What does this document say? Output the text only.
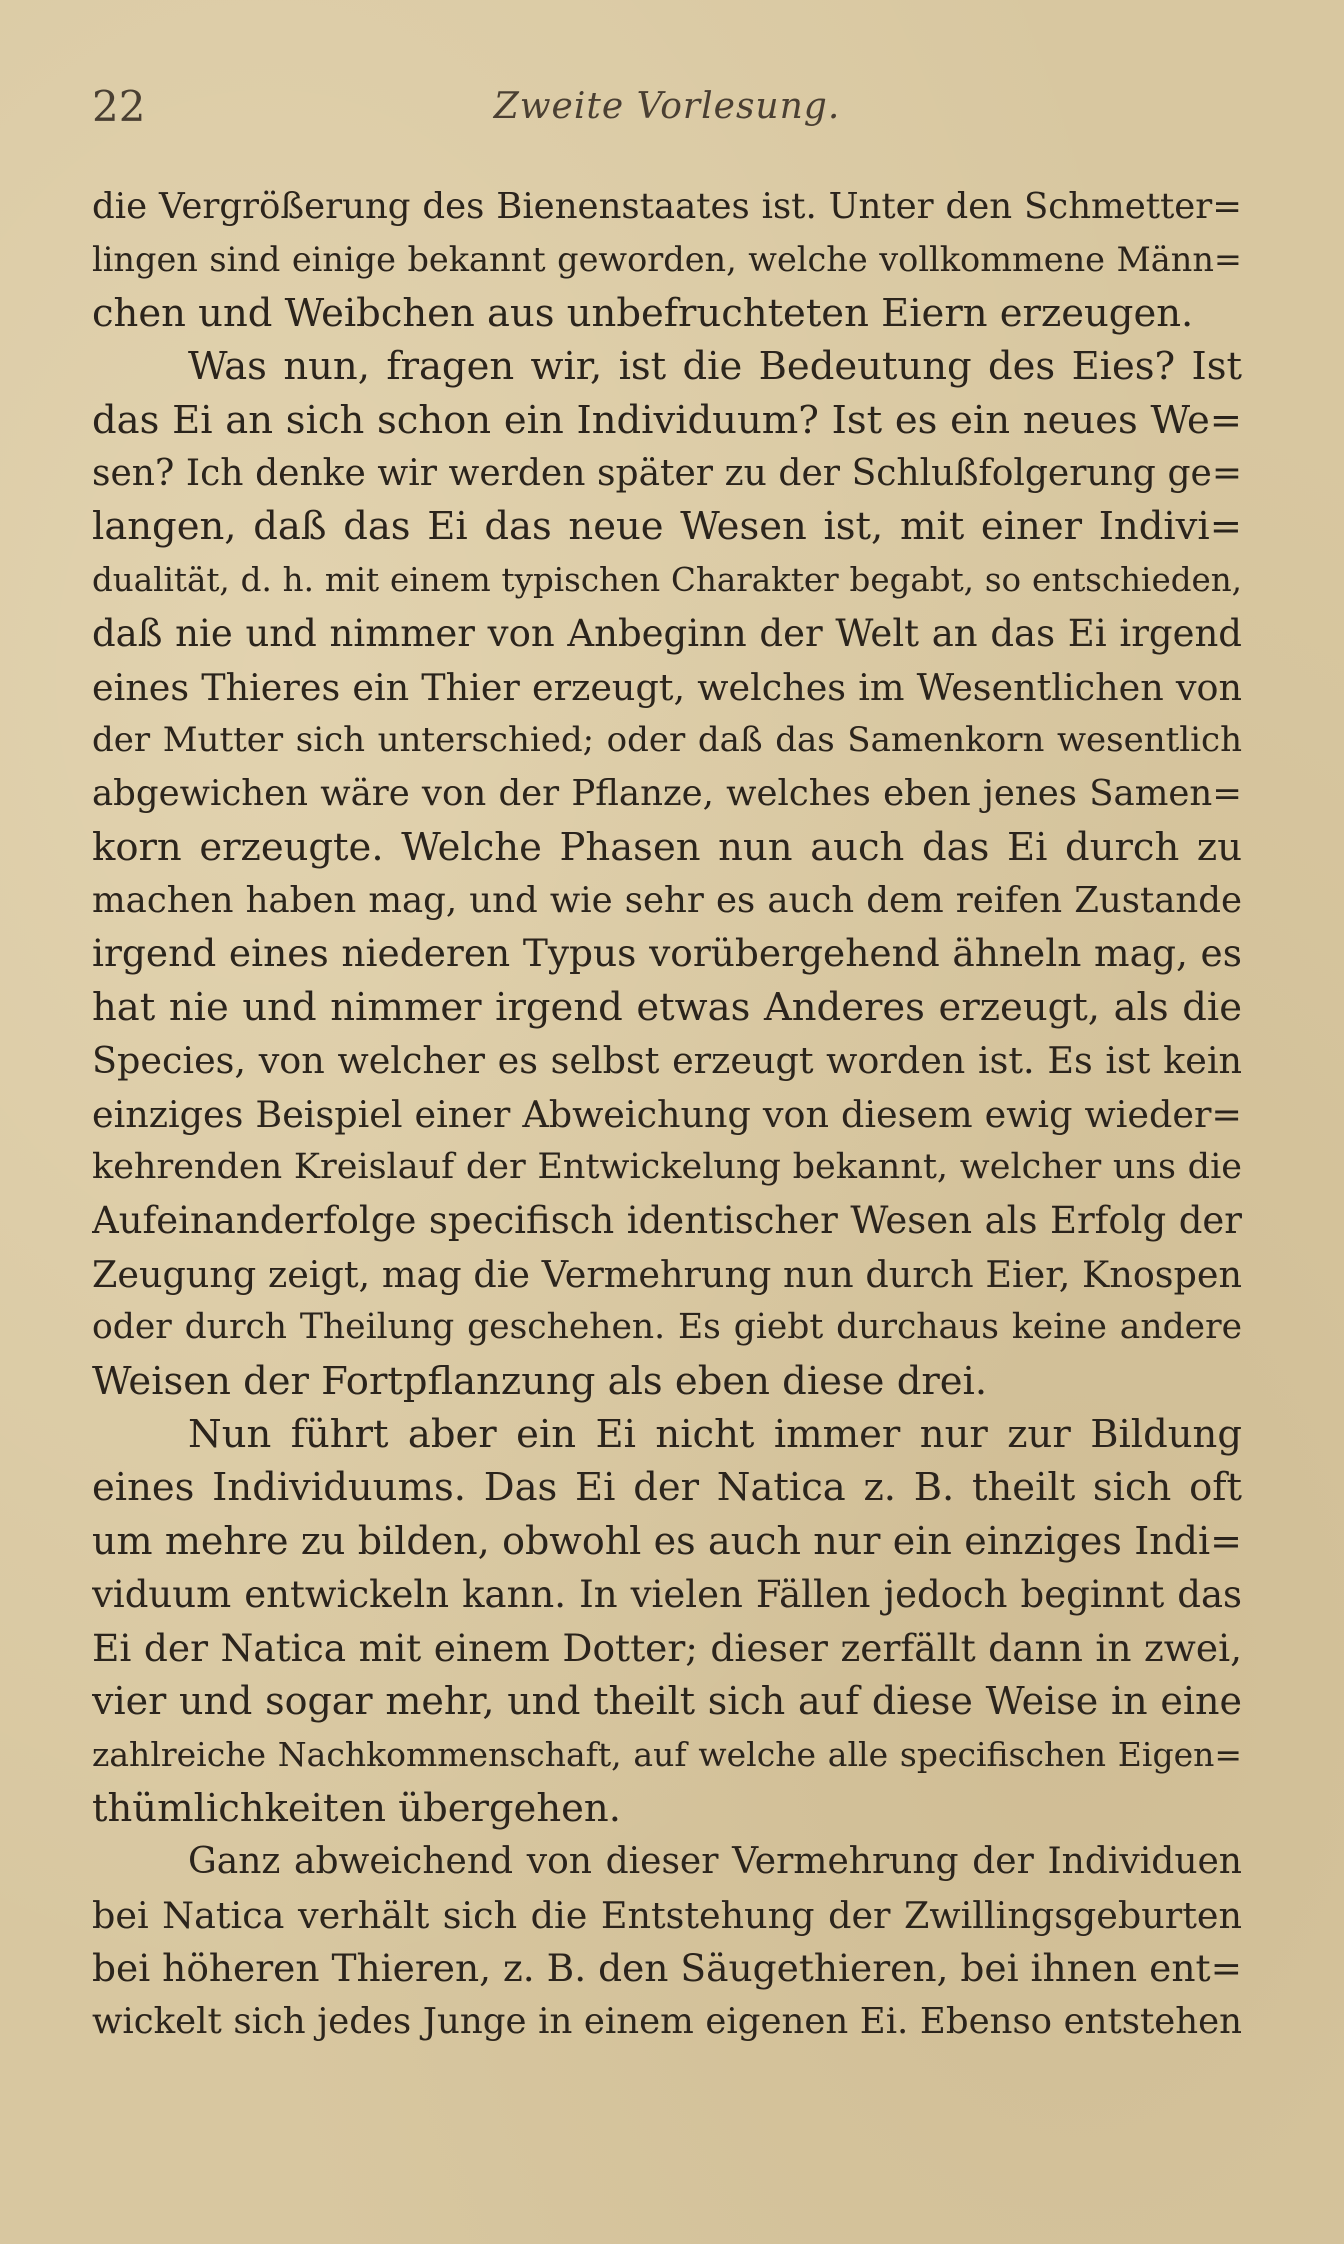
22	Zweite Vorlesung.
die Vergrößerung des Bienenstaates ist. Unter den Schmetter=
lingen sind einige bekannt geworden, welche vollkommene Männ=
chen und Weibchen aus unbefruchteten Eiern erzeugen.
Was nun, fragen wir, ist die Bedeutung des Eies? Ist
das Ei an sich schon ein Individuum? Ist es ein neues We=
sen? Ich denke wir werden später zu der Schlußfolgerung ge=
langen, daß das Ei das neue Wesen ist, mit einer Indivi=
dualität, d. h. mit einem typischen Charakter begabt, so entschieden,
daß nie und nimmer von Anbeginn der Welt an das Ei irgend
eines Thieres ein Thier erzeugt, welches im Wesentlichen von
der Mutter sich unterschied; oder daß das Samenkorn wesentlich
abgewichen wäre von der Pflanze, welches eben jenes Samen=
korn erzeugte. Welche Phasen nun auch das Ei durch zu
machen haben mag, und wie sehr es auch dem reifen Zustande
irgend eines niederen Typus vorübergehend ähneln mag, es
hat nie und nimmer irgend etwas Anderes erzeugt, als die
Species, von welcher es selbst erzeugt worden ist. Es ist kein
einziges Beispiel einer Abweichung von diesem ewig wieder=
kehrenden Kreislauf der Entwickelung bekannt, welcher uns die
Aufeinanderfolge specifisch identischer Wesen als Erfolg der
Zeugung zeigt, mag die Vermehrung nun durch Eier, Knospen
oder durch Theilung geschehen. Es giebt durchaus keine andere
Weisen der Fortpflanzung als eben diese drei.
Nun führt aber ein Ei nicht immer nur zur Bildung
eines Individuums. Das Ei der Natica z. B. theilt sich oft
um mehre zu bilden, obwohl es auch nur ein einziges Indi=
viduum entwickeln kann. In vielen Fällen jedoch beginnt das
Ei der Natica mit einem Dotter; dieser zerfällt dann in zwei,
vier und sogar mehr, und theilt sich auf diese Weise in eine
zahlreiche Nachkommenschaft, auf welche alle specifischen Eigen=
thümlichkeiten übergehen.
Ganz abweichend von dieser Vermehrung der Individuen
bei Natica verhält sich die Entstehung der Zwillingsgeburten
bei höheren Thieren, z. B. den Säugethieren, bei ihnen ent=
wickelt sich jedes Junge in einem eigenen Ei. Ebenso entstehen
